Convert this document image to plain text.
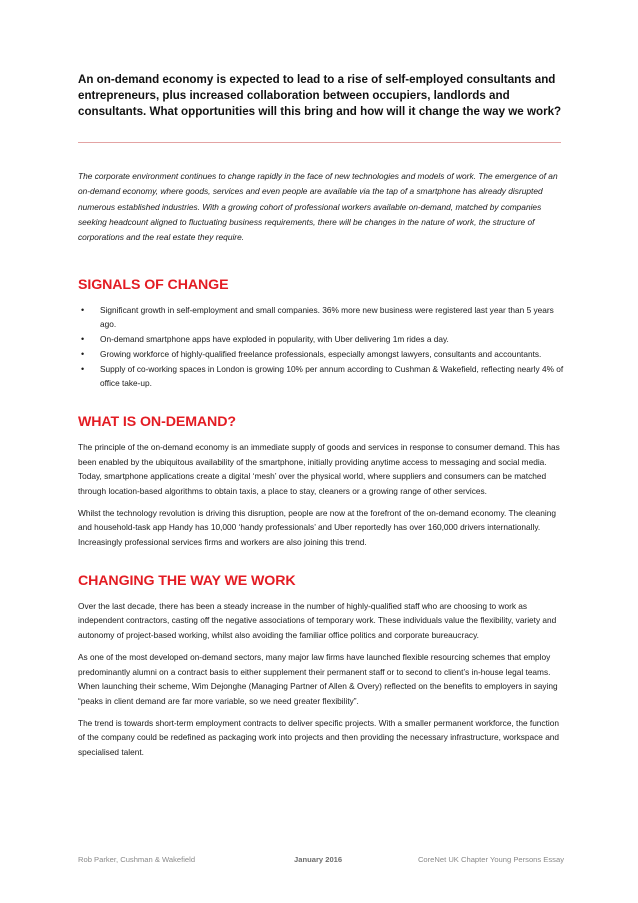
An on-demand economy is expected to lead to a rise of self-employed consultants and entrepreneurs, plus increased collaboration between occupiers, landlords and consultants. What opportunities will this bring and how will it change the way we work?

The corporate environment continues to change rapidly in the face of new technologies and models of work. The emergence of an on-demand economy, where goods, services and even people are available via the tap of a smartphone has already disrupted numerous established industries. With a growing cohort of professional workers available on-demand, matched by companies seeking headcount aligned to fluctuating business requirements, there will be changes in the nature of work, the structure of corporations and the real estate they require.

SIGNALS OF CHANGE
• Significant growth in self-employment and small companies. 36% more new business were registered last year than 5 years ago.
• On-demand smartphone apps have exploded in popularity, with Uber delivering 1m rides a day.
• Growing workforce of highly-qualified freelance professionals, especially amongst lawyers, consultants and accountants.
• Supply of co-working spaces in London is growing 10% per annum according to Cushman & Wakefield, reflecting nearly 4% of office take-up.
WHAT IS ON-DEMAND?

The principle of the on-demand economy is an immediate supply of goods and services in response to consumer demand. This has been enabled by the ubiquitous availability of the smartphone, initially providing anytime access to messaging and social media. Today, smartphone applications create a digital ‘mesh’ over the physical world, where suppliers and consumers can be matched through location-based algorithms to obtain taxis, a place to stay, cleaners or a growing range of other services.

Whilst the technology revolution is driving this disruption, people are now at the forefront of the on-demand economy. The cleaning and household-task app Handy has 10,000 ‘handy professionals’ and Uber reportedly has over 160,000 drivers internationally. Increasingly professional services firms and workers are also joining this trend.

CHANGING THE WAY WE WORK

Over the last decade, there has been a steady increase in the number of highly-qualified staff who are choosing to work as independent contractors, casting off the negative associations of temporary work. These individuals value the flexibility, variety and autonomy of project-based working, whilst also avoiding the familiar office politics and corporate bureaucracy.

As one of the most developed on-demand sectors, many major law firms have launched flexible resourcing schemes that employ predominantly alumni on a contract basis to either supplement their permanent staff or to second to client’s in-house legal teams. When launching their scheme, Wim Dejonghe (Managing Partner of Allen & Overy) reflected on the benefits to employers in saying “peaks in client demand are far more variable, so we need greater flexibility”.

The trend is towards short-term employment contracts to deliver specific projects. With a smaller permanent workforce, the function of the company could be redefined as packaging work into projects and then providing the necessary infrastructure, workspace and specialised talent.

Rob Parker, Cushman & Wakefield	January 2016	CoreNet UK Chapter Young Persons Essay
